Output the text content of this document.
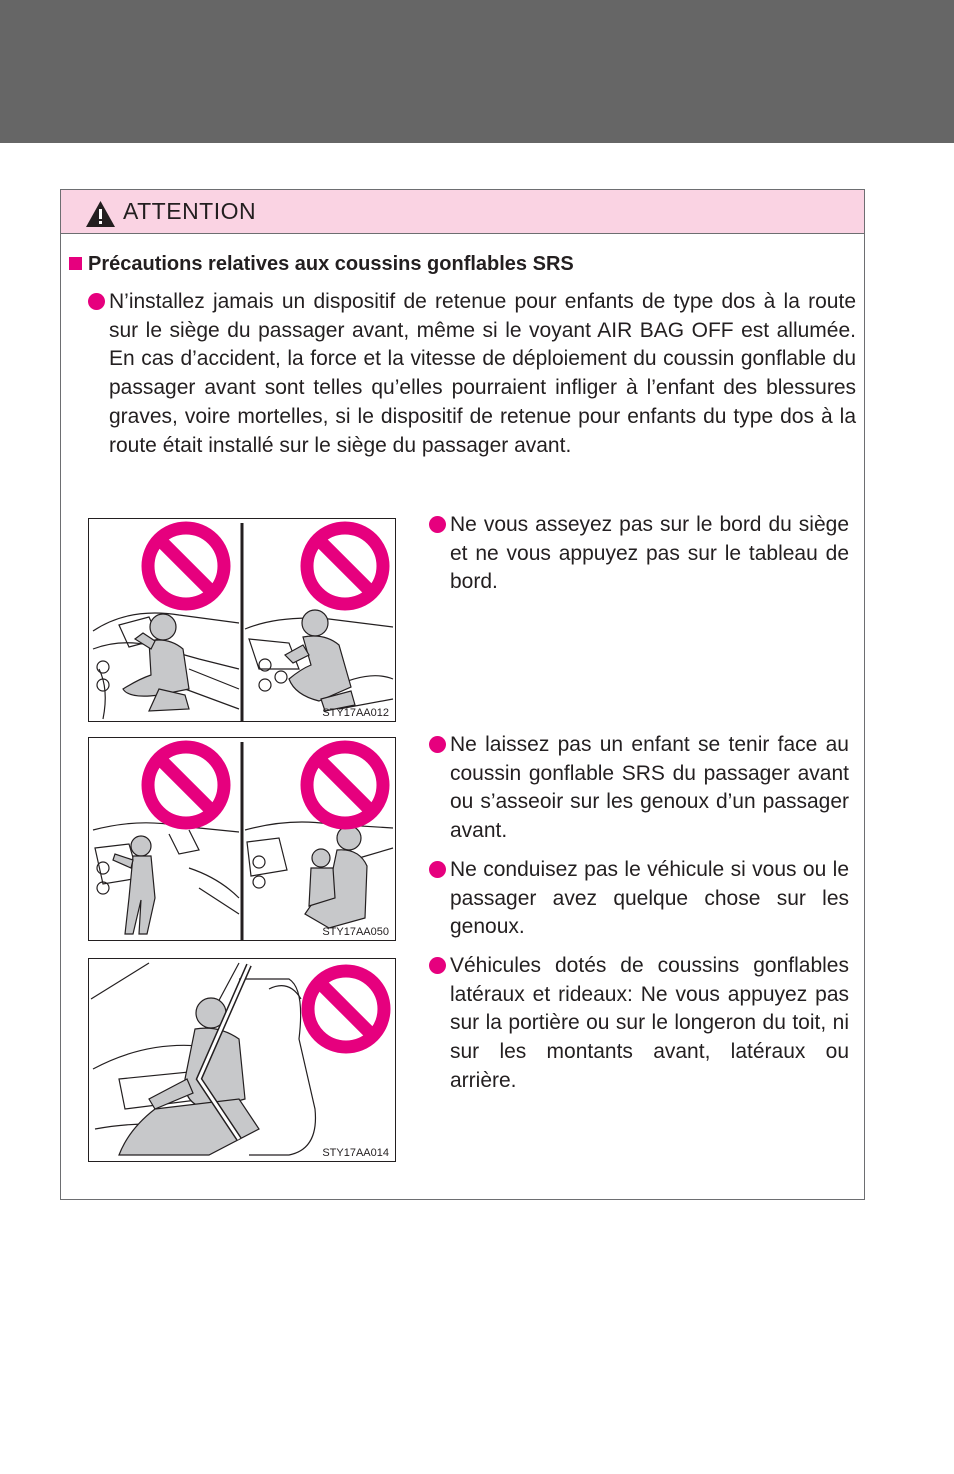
ATTENTION
Précautions relatives aux coussins gonflables SRS
N’installez jamais un dispositif de retenue pour enfants de type dos à la route sur le siège du passager avant, même si le voyant AIR BAG OFF est allumée. En cas d’accident, la force et la vitesse de déploiement du coussin gonflable du passager avant sont telles qu’elles pourraient infliger à l’enfant des blessures graves, voire mortelles, si le dispositif de retenue pour enfants du type dos à la route était installé sur le siège du passager avant.
STY17AA012
STY17AA050
STY17AA014
Ne vous asseyez pas sur le bord du siège et ne vous appuyez pas sur le tableau de bord.
Ne laissez pas un enfant se tenir face au coussin gonflable SRS du passager avant ou s’asseoir sur les genoux d’un passager avant.
Ne conduisez pas le véhicule si vous ou le passager avez quelque chose sur les genoux.
Véhicules dotés de coussins gonflables latéraux et rideaux: Ne vous appuyez pas sur la portière ou sur le longeron du toit, ni sur les montants avant, latéraux ou arrière.
